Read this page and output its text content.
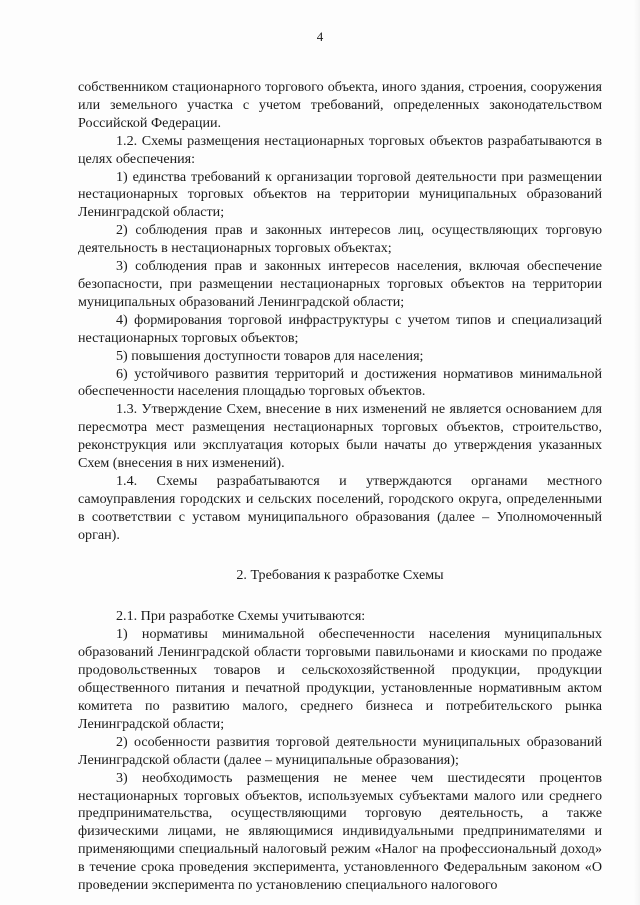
4

собственником стационарного торгового объекта, иного здания, строения, сооружения или земельного участка с учетом требований, определенных законодательством Российской Федерации.

1.2. Схемы размещения нестационарных торговых объектов разрабатываются в целях обеспечения:

1) единства требований к организации торговой деятельности при размещении нестационарных торговых объектов на территории муниципальных образований Ленинградской области;

2) соблюдения прав и законных интересов лиц, осуществляющих торговую деятельность в нестационарных торговых объектах;

3) соблюдения прав и законных интересов населения, включая обеспечение безопасности, при размещении нестационарных торговых объектов на территории муниципальных образований Ленинградской области;

4) формирования торговой инфраструктуры с учетом типов и специализаций нестационарных торговых объектов;

5) повышения доступности товаров для населения;

6) устойчивого развития территорий и достижения нормативов минимальной обеспеченности населения площадью торговых объектов.

1.3. Утверждение Схем, внесение в них изменений не является основанием для пересмотра мест размещения нестационарных торговых объектов, строительство, реконструкция или эксплуатация которых были начаты до утверждения указанных Схем (внесения в них изменений).

1.4. Схемы разрабатываются и утверждаются органами местного самоуправления городских и сельских поселений, городского округа, определенными в соответствии с уставом муниципального образования (далее – Уполномоченный орган).

2. Требования к разработке Схемы

2.1. При разработке Схемы учитываются:

1) нормативы минимальной обеспеченности населения муниципальных образований Ленинградской области торговыми павильонами и киосками по продаже продовольственных товаров и сельскохозяйственной продукции, продукции общественного питания и печатной продукции, установленные нормативным актом комитета по развитию малого, среднего бизнеса и потребительского рынка Ленинградской области;

2) особенности развития торговой деятельности муниципальных образований Ленинградской области (далее – муниципальные образования);

3) необходимость размещения не менее чем шестидесяти процентов нестационарных торговых объектов, используемых субъектами малого или среднего предпринимательства, осуществляющими торговую деятельность, а также физическими лицами, не являющимися индивидуальными предпринимателями и применяющими специальный налоговый режим «Налог на профессиональный доход» в течение срока проведения эксперимента, установленного Федеральным законом «О проведении эксперимента по установлению специального налогового
